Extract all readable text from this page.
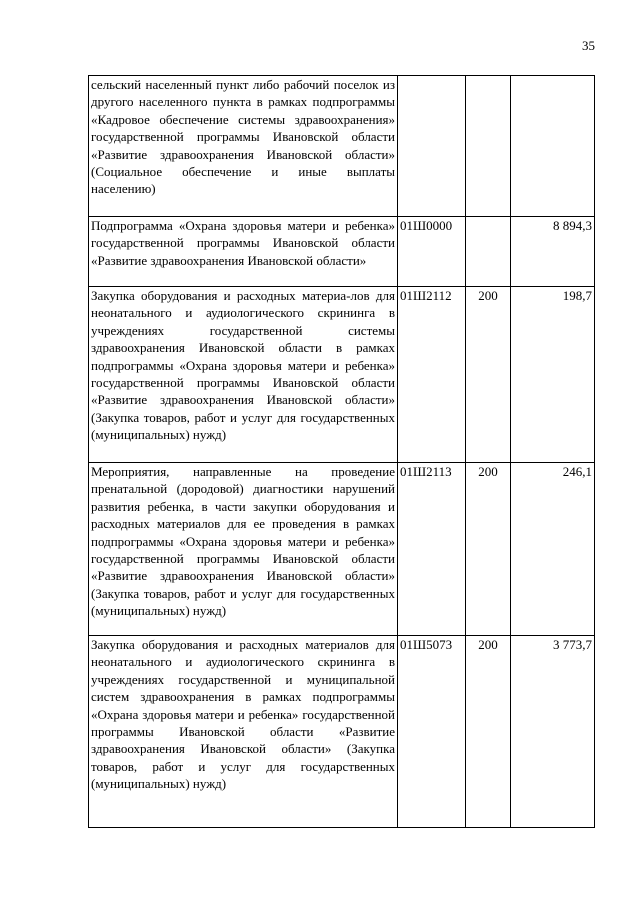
35
сельский населенный пункт либо рабочий поселок из другого населенного пункта в рамках подпрограммы «Кадровое обеспечение системы здравоохранения» государственной программы Ивановской области «Развитие здравоохранения Ивановской области» (Социальное обеспечение и иные выплаты населению)			
Подпрограмма «Охрана здоровья матери и ребенка» государственной программы Ивановской области «Развитие здравоохранения Ивановской области»	01Ш0000		8 894,3
Закупка оборудования и расходных материа-лов для неонатального и аудиологического скрининга в учреждениях государственной системы здравоохранения Ивановской области в рамках подпрограммы «Охрана здоровья матери и ребенка» государственной программы Ивановской области «Развитие здравоохранения Ивановской области» (Закупка товаров, работ и услуг для государственных (муниципальных) нужд)	01Ш2112	200	198,7
Мероприятия, направленные на проведение пренатальной (дородовой) диагностики нарушений развития ребенка, в части закупки оборудования и расходных материалов для ее проведения в рамках подпрограммы «Охрана здоровья матери и ребенка» государственной программы Ивановской области «Развитие здравоохранения Ивановской области» (Закупка товаров, работ и услуг для государственных (муниципальных) нужд)	01Ш2113	200	246,1
Закупка оборудования и расходных материалов для неонатального и аудиологического скрининга в учреждениях государственной и муниципальной систем здравоохранения в рамках подпрограммы «Охрана здоровья матери и ребенка» государственной программы Ивановской области «Развитие здравоохранения Ивановской области» (Закупка товаров, работ и услуг для государственных (муниципальных) нужд)	01Ш5073	200	3 773,7
